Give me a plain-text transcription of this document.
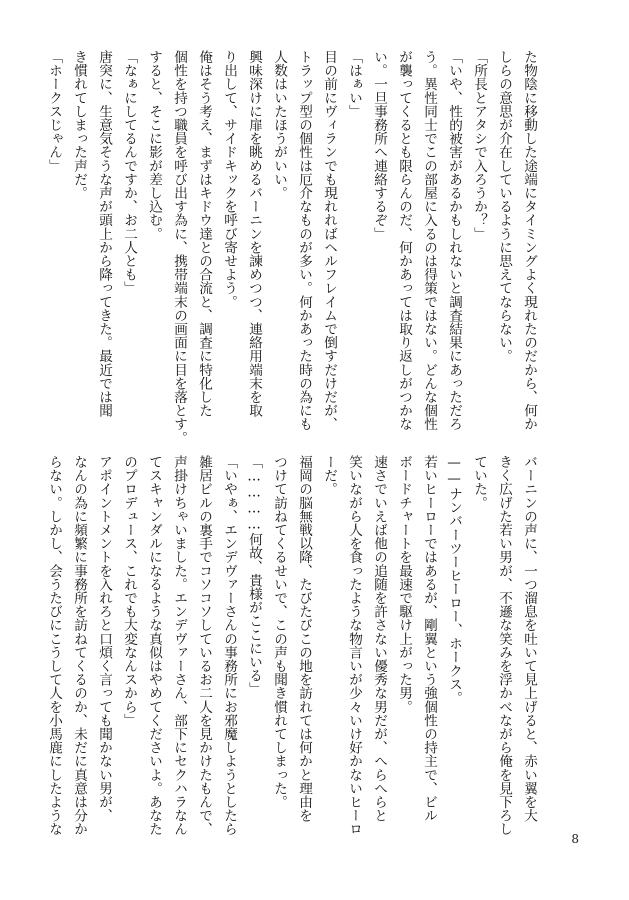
た物陰に移動した途端にタイミングよく現れたのだから、何か
しらの意思が介在しているように思えてならない。
「所長とアタシで入ろうか？」
「いや、性的被害があるかもしれないと調査結果にあっただろ
う。異性同士でこの部屋に入るのは得策ではない。どんな個性
が襲ってくるとも限らんのだ、何かあっては取り返しがつかな
い。一旦事務所へ連絡するぞ」
「はぁい」
目の前にヴィランでも現れればヘルフレイムで倒すだけだが、
トラップ型の個性は厄介なものが多い。何かあった時の為にも
人数はいたほうがいい。
興味深けに扉を眺めるバーニンを諫めつつ、連絡用端末を取
り出して、サイドキックを呼び寄せよう。
俺はそう考え、まずはキドウ達との合流と、調査に特化した
個性を持つ職員を呼び出す為に、携帯端末の画面に目を落とす。
すると、そこに影が差し込む。
「なぁにしてるんですか、お二人とも」
唐突に、生意気そうな声が頭上から降ってきた。最近では聞
き慣れてしまった声だ。
「ホークスじゃん」
バーニンの声に、一つ溜息を吐いて見上げると、赤い翼を大
きく広げた若い男が、不遜な笑みを浮かべながら俺を見下ろし
ていた。
——ナンバーツーヒーロー、ホークス。
若いヒーローではあるが、剛翼という強個性の持主で、ビル
ボードチャートを最速で駆け上がった男。
速さでいえば他の追随を許さない優秀な男だが、へらへらと
笑いながら人を食ったような物言いが少々いけ好かないヒーロ
ーだ。
福岡の脳無戦以降、たびたびこの地を訪れては何かと理由を
つけて訪ねてくるせいで、この声も聞き慣れてしまった。
「…………何故、貴様がここにいる」
「いやぁ、エンデヴァーさんの事務所にお邪魔しようとしたら
雑居ビルの裏手でコソコソしているお二人を見かけたもんで、
声掛けちゃいました。エンデヴァーさん、部下にセクハラなん
てスキャンダルになるような真似はやめてくださいよ。あなた
のプロデュース、これでも大変なんスから」
アポイントメントを入れろと口煩く言っても聞かない男が、
なんの為に頻繁に事務所を訪ねてくるのか、未だに真意は分か
らない。しかし、会うたびにこうして人を小馬鹿にしたような
8
